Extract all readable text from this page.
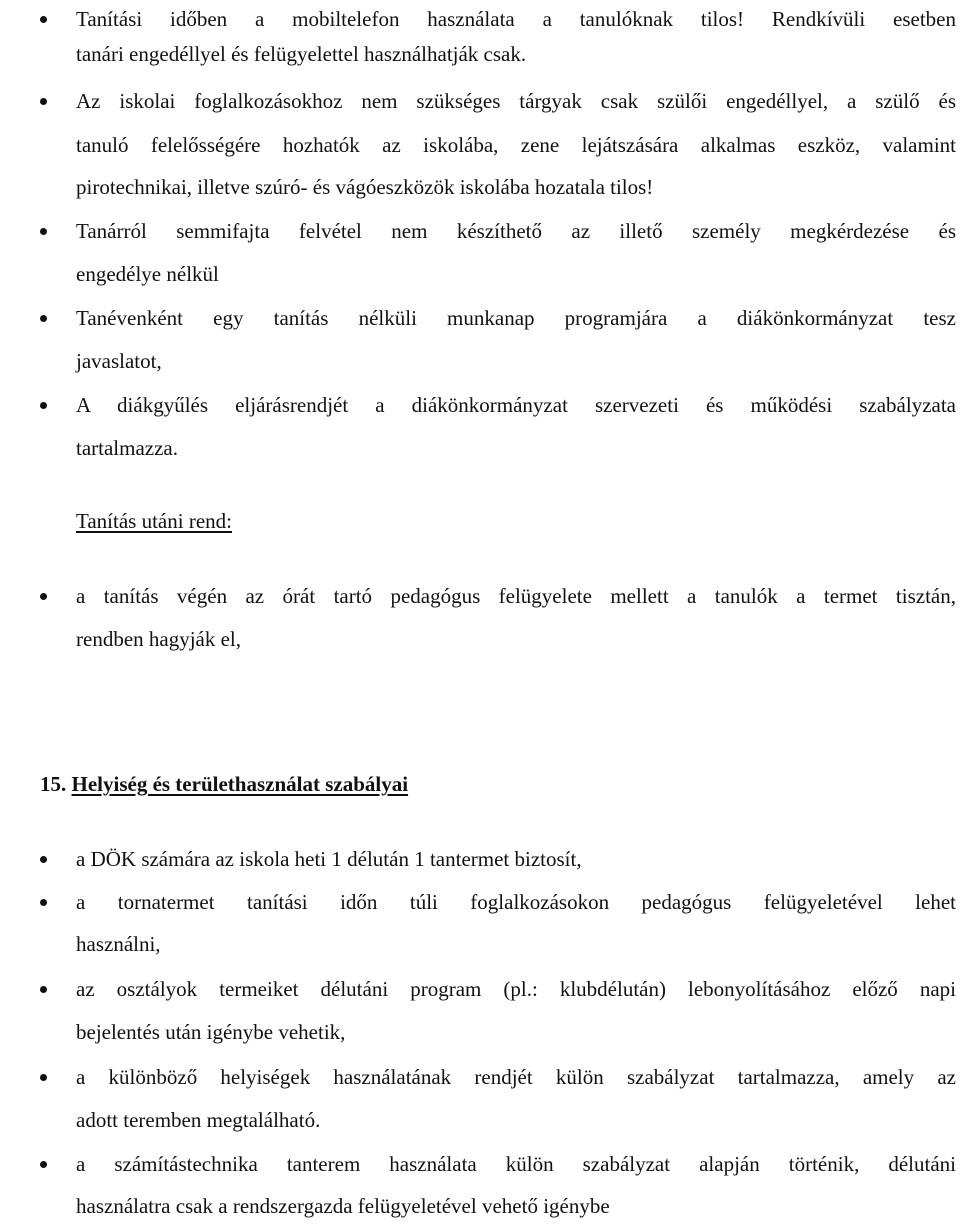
Tanítási időben a mobiltelefon használata a tanulóknak tilos! Rendkívüli esetben
tanári engedéllyel és felügyelettel használhatják csak.
Az iskolai foglalkozásokhoz nem szükséges tárgyak csak szülői engedéllyel, a szülő és
tanuló felelősségére hozhatók az iskolába, zene lejátszására alkalmas eszköz, valamint
pirotechnikai, illetve szúró- és vágóeszközök iskolába hozatala tilos!
Tanárról semmifajta felvétel nem készíthető az illető személy megkérdezése és
engedélye nélkül
Tanévenként egy tanítás nélküli munkanap programjára a diákönkormányzat tesz
javaslatot,
A diákgyűlés eljárásrendjét a diákönkormányzat szervezeti és működési szabályzata
tartalmazza.
Tanítás utáni rend:
a tanítás végén az órát tartó pedagógus felügyelete mellett a tanulók a termet tisztán,
rendben hagyják el,
15. Helyiség és területhasználat szabályai
a DÖK számára az iskola heti 1 délután 1 tantermet biztosít,
a tornatermet tanítási időn túli foglalkozásokon pedagógus felügyeletével lehet
használni,
az osztályok termeiket délutáni program (pl.: klubdélután) lebonyolításához előző napi
bejelentés után igénybe vehetik,
a különböző helyiségek használatának rendjét külön szabályzat tartalmazza, amely az
adott teremben megtalálható.
a számítástechnika tanterem használata külön szabályzat alapján történik, délutáni
használatra csak a rendszergazda felügyeletével vehető igénybe
